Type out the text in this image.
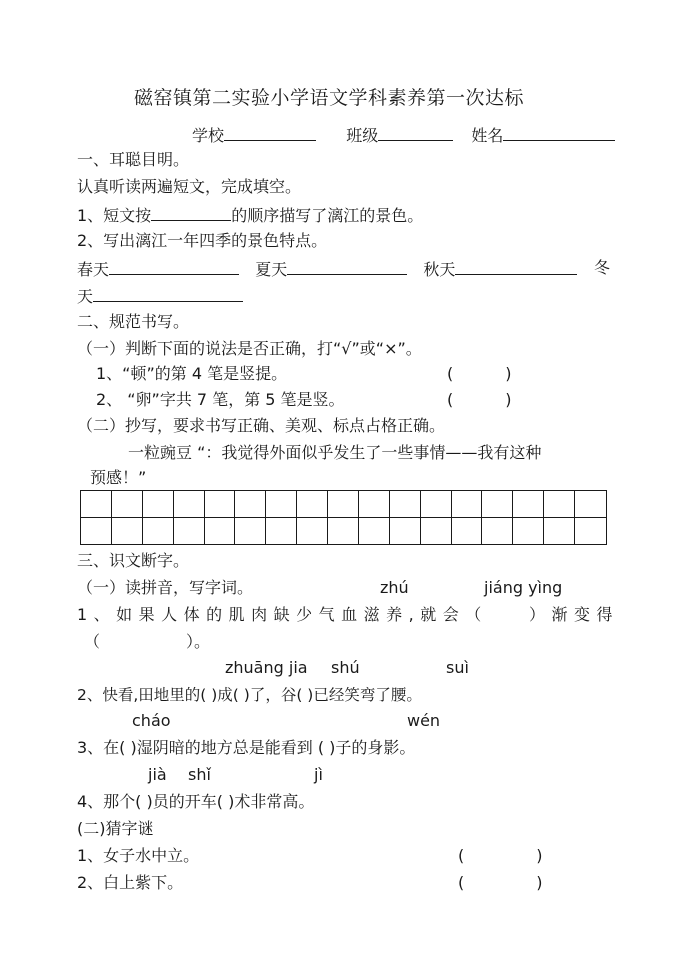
磁窑镇第二实验小学语文学科素养第一次达标
学校	班级	姓名
一、耳聪目明。
认真听读两遍短文，完成填空。
1、短文按	的顺序描写了漓江的景色。
2、写出漓江一年四季的景色特点。
春天	夏天	秋天	冬
天
二、规范书写。
（一）判断下面的说法是否正确，打“√”或“×”。
1、“顿”的第 4 笔是竖提。	(	)
2、 “卵”字共 7 笔，第 5 笔是竖。	(	)
（二）抄写，要求书写正确、美观、标点占格正确。
一粒豌豆 “：我觉得外面似乎发生了一些事情——我有这种
预感！”
三、识文断字。
（一）读拼音，写字词。	zhú	jiáng yìng
1、如果人体的肌肉缺少气血滋养,就会（	）渐变得
（	）。
zhuāng jia shú	suì
2、快看,田地里的( )成( )了，谷( )已经笑弯了腰。
cháo	wén
3、在( )湿阴暗的地方总是能看到 ( )子的身影。
jià shǐ	jì
4、那个( )员的开车( )术非常高。
(二)猜字谜
1、女子水中立。	(	)
2、白上紫下。	(	)
